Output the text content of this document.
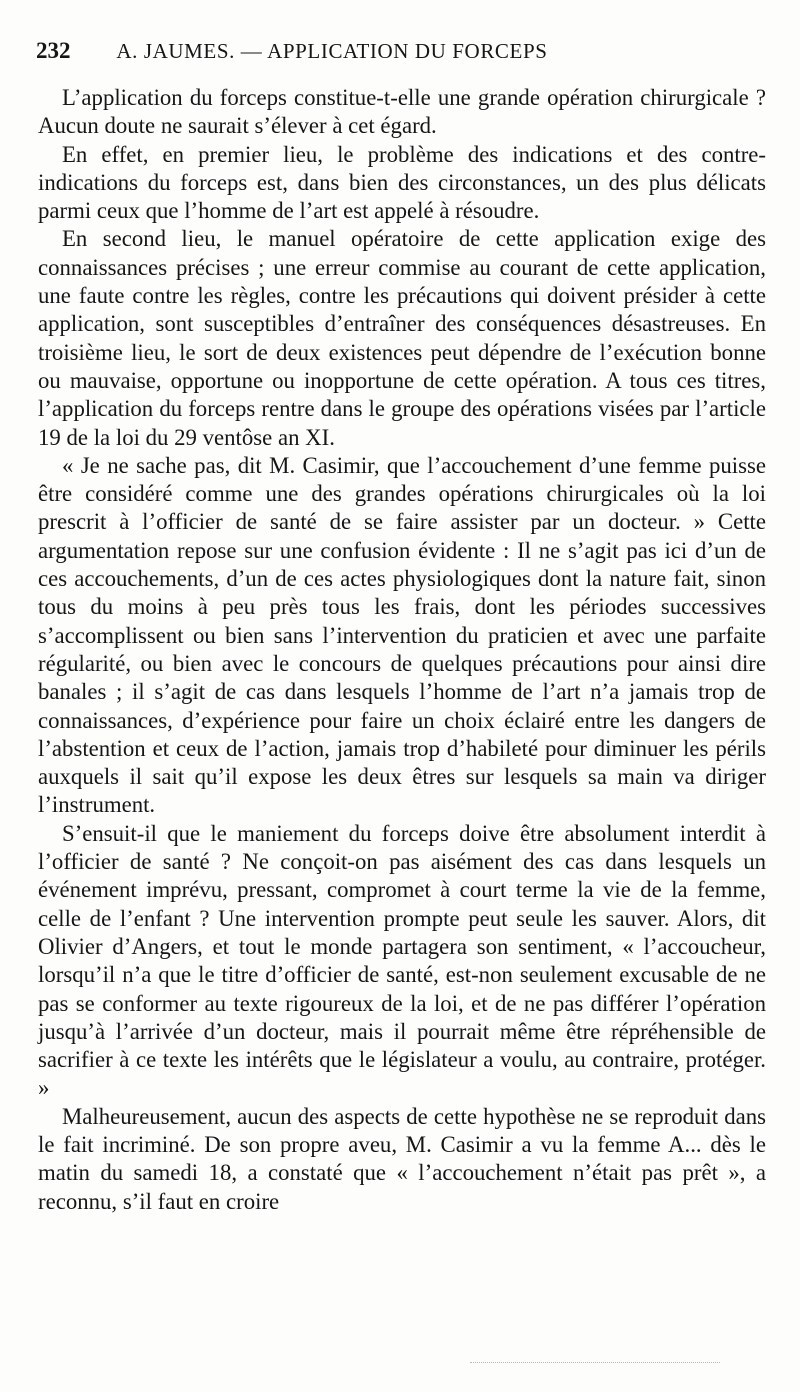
232 A. JAUMES. — APPLICATION DU FORCEPS

L’application du forceps constitue-t-elle une grande opération chirurgicale ? Aucun doute ne saurait s’élever à cet égard.

En effet, en premier lieu, le problème des indications et des contre-indications du forceps est, dans bien des circonstances, un des plus délicats parmi ceux que l’homme de l’art est appelé à résoudre.

En second lieu, le manuel opératoire de cette application exige des connaissances précises ; une erreur commise au courant de cette application, une faute contre les règles, contre les précautions qui doivent présider à cette application, sont susceptibles d’entraîner des conséquences désastreuses. En troisième lieu, le sort de deux existences peut dépendre de l’exécution bonne ou mauvaise, opportune ou inopportune de cette opération. A tous ces titres, l’application du forceps rentre dans le groupe des opérations visées par l’article 19 de la loi du 29 ventôse an XI.

« Je ne sache pas, dit M. Casimir, que l’accouchement d’une femme puisse être considéré comme une des grandes opérations chirurgicales où la loi prescrit à l’officier de santé de se faire assister par un docteur. » Cette argumentation repose sur une confusion évidente : Il ne s’agit pas ici d’un de ces accouchements, d’un de ces actes physiologiques dont la nature fait, sinon tous du moins à peu près tous les frais, dont les périodes successives s’accomplissent ou bien sans l’intervention du praticien et avec une parfaite régularité, ou bien avec le concours de quelques précautions pour ainsi dire banales ; il s’agit de cas dans lesquels l’homme de l’art n’a jamais trop de connaissances, d’expérience pour faire un choix éclairé entre les dangers de l’abstention et ceux de l’action, jamais trop d’habileté pour diminuer les périls auxquels il sait qu’il expose les deux êtres sur lesquels sa main va diriger l’instrument.

S’ensuit-il que le maniement du forceps doive être absolument interdit à l’officier de santé ? Ne conçoit-on pas aisément des cas dans lesquels un événement imprévu, pressant, compromet à court terme la vie de la femme, celle de l’enfant ? Une intervention prompte peut seule les sauver. Alors, dit Olivier d’Angers, et tout le monde partagera son sentiment, « l’accoucheur, lorsqu’il n’a que le titre d’officier de santé, est-non seulement excusable de ne pas se conformer au texte rigoureux de la loi, et de ne pas différer l’opération jusqu’à l’arrivée d’un docteur, mais il pourrait même être répréhensible de sacrifier à ce texte les intérêts que le législateur a voulu, au contraire, protéger. »

Malheureusement, aucun des aspects de cette hypothèse ne se reproduit dans le fait incriminé. De son propre aveu, M. Casimir a vu la femme A... dès le matin du samedi 18, a constaté que « l’accouchement n’était pas prêt », a reconnu, s’il faut en croire
